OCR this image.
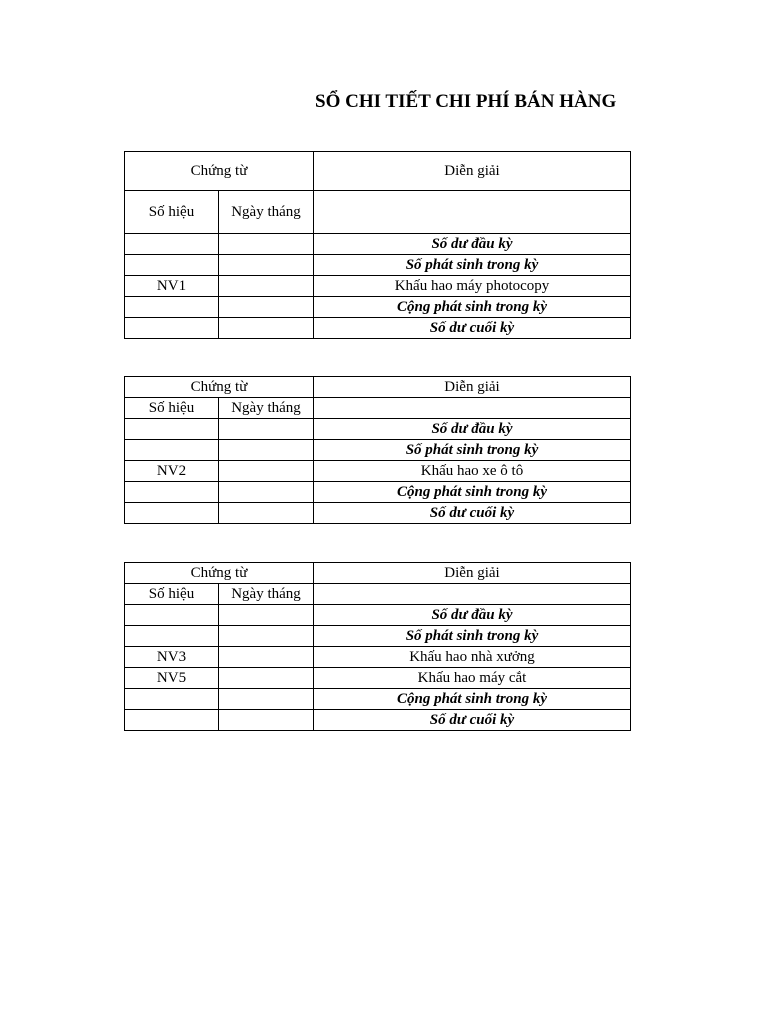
SỔ CHI TIẾT CHI PHÍ BÁN HÀNG
Chứng từ		Diễn giải
Số hiệu	Ngày tháng	
		Số dư đầu kỳ
		Số phát sinh trong kỳ
NV1		Khấu hao máy photocopy
		Cộng phát sinh trong kỳ
		Số dư cuối kỳ
Chứng từ		Diễn giải
Số hiệu	Ngày tháng	
		Số dư đầu kỳ
		Số phát sinh trong kỳ
NV2		Khấu hao xe ô tô
		Cộng phát sinh trong kỳ
		Số dư cuối kỳ
Chứng từ		Diễn giải
Số hiệu	Ngày tháng	
		Số dư đầu kỳ
		Số phát sinh trong kỳ
NV3		Khấu hao nhà xưởng
NV5		Khấu hao máy cắt
		Cộng phát sinh trong kỳ
		Số dư cuối kỳ
